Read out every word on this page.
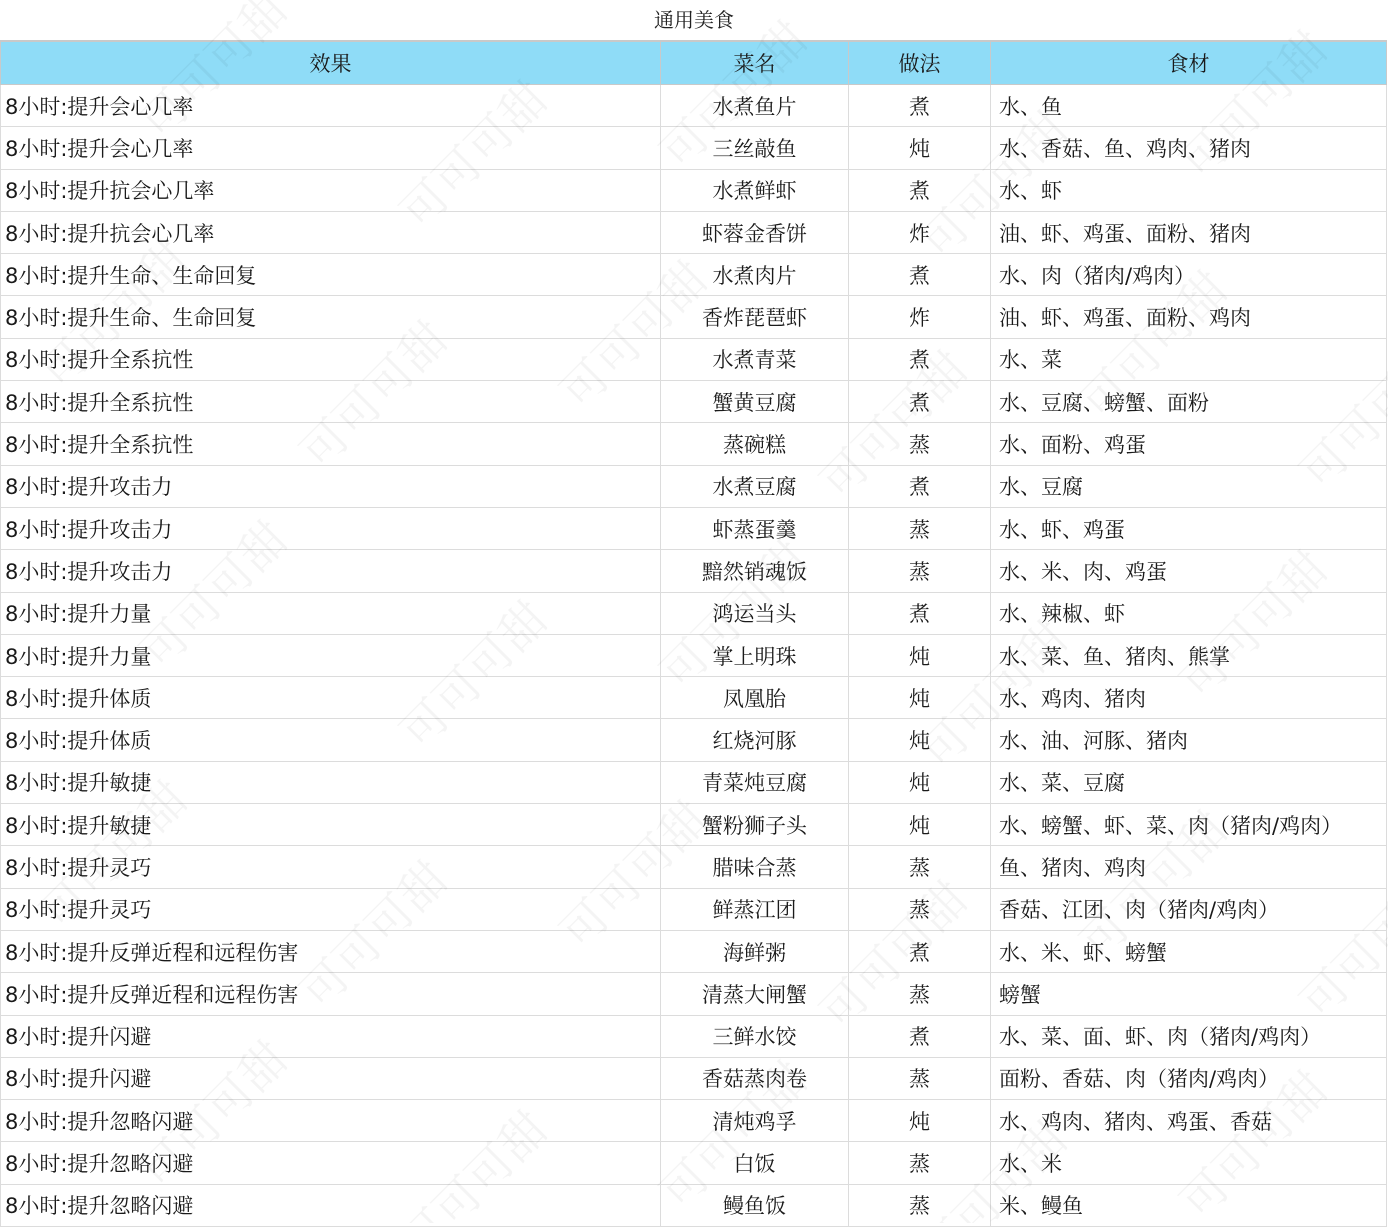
通用美食
效果	菜名	做法	食材
8小时:提升会心几率	水煮鱼片	煮	水、鱼
8小时:提升会心几率	三丝敲鱼	炖	水、香菇、鱼、鸡肉、猪肉
8小时:提升抗会心几率	水煮鲜虾	煮	水、虾
8小时:提升抗会心几率	虾蓉金香饼	炸	油、虾、鸡蛋、面粉、猪肉
8小时:提升生命、生命回复	水煮肉片	煮	水、肉（猪肉/鸡肉）
8小时:提升生命、生命回复	香炸琵琶虾	炸	油、虾、鸡蛋、面粉、鸡肉
8小时:提升全系抗性	水煮青菜	煮	水、菜
8小时:提升全系抗性	蟹黄豆腐	煮	水、豆腐、螃蟹、面粉
8小时:提升全系抗性	蒸碗糕	蒸	水、面粉、鸡蛋
8小时:提升攻击力	水煮豆腐	煮	水、豆腐
8小时:提升攻击力	虾蒸蛋羹	蒸	水、虾、鸡蛋
8小时:提升攻击力	黯然销魂饭	蒸	水、米、肉、鸡蛋
8小时:提升力量	鸿运当头	煮	水、辣椒、虾
8小时:提升力量	掌上明珠	炖	水、菜、鱼、猪肉、熊掌
8小时:提升体质	凤凰胎	炖	水、鸡肉、猪肉
8小时:提升体质	红烧河豚	炖	水、油、河豚、猪肉
8小时:提升敏捷	青菜炖豆腐	炖	水、菜、豆腐
8小时:提升敏捷	蟹粉狮子头	炖	水、螃蟹、虾、菜、肉（猪肉/鸡肉）
8小时:提升灵巧	腊味合蒸	蒸	鱼、猪肉、鸡肉
8小时:提升灵巧	鲜蒸江团	蒸	香菇、江团、肉（猪肉/鸡肉）
8小时:提升反弹近程和远程伤害	海鲜粥	煮	水、米、虾、螃蟹
8小时:提升反弹近程和远程伤害	清蒸大闸蟹	蒸	螃蟹
8小时:提升闪避	三鲜水饺	煮	水、菜、面、虾、肉（猪肉/鸡肉）
8小时:提升闪避	香菇蒸肉卷	蒸	面粉、香菇、肉（猪肉/鸡肉）
8小时:提升忽略闪避	清炖鸡孚	炖	水、鸡肉、猪肉、鸡蛋、香菇
8小时:提升忽略闪避	白饭	蒸	水、米
8小时:提升忽略闪避	鳗鱼饭	蒸	米、鳗鱼
